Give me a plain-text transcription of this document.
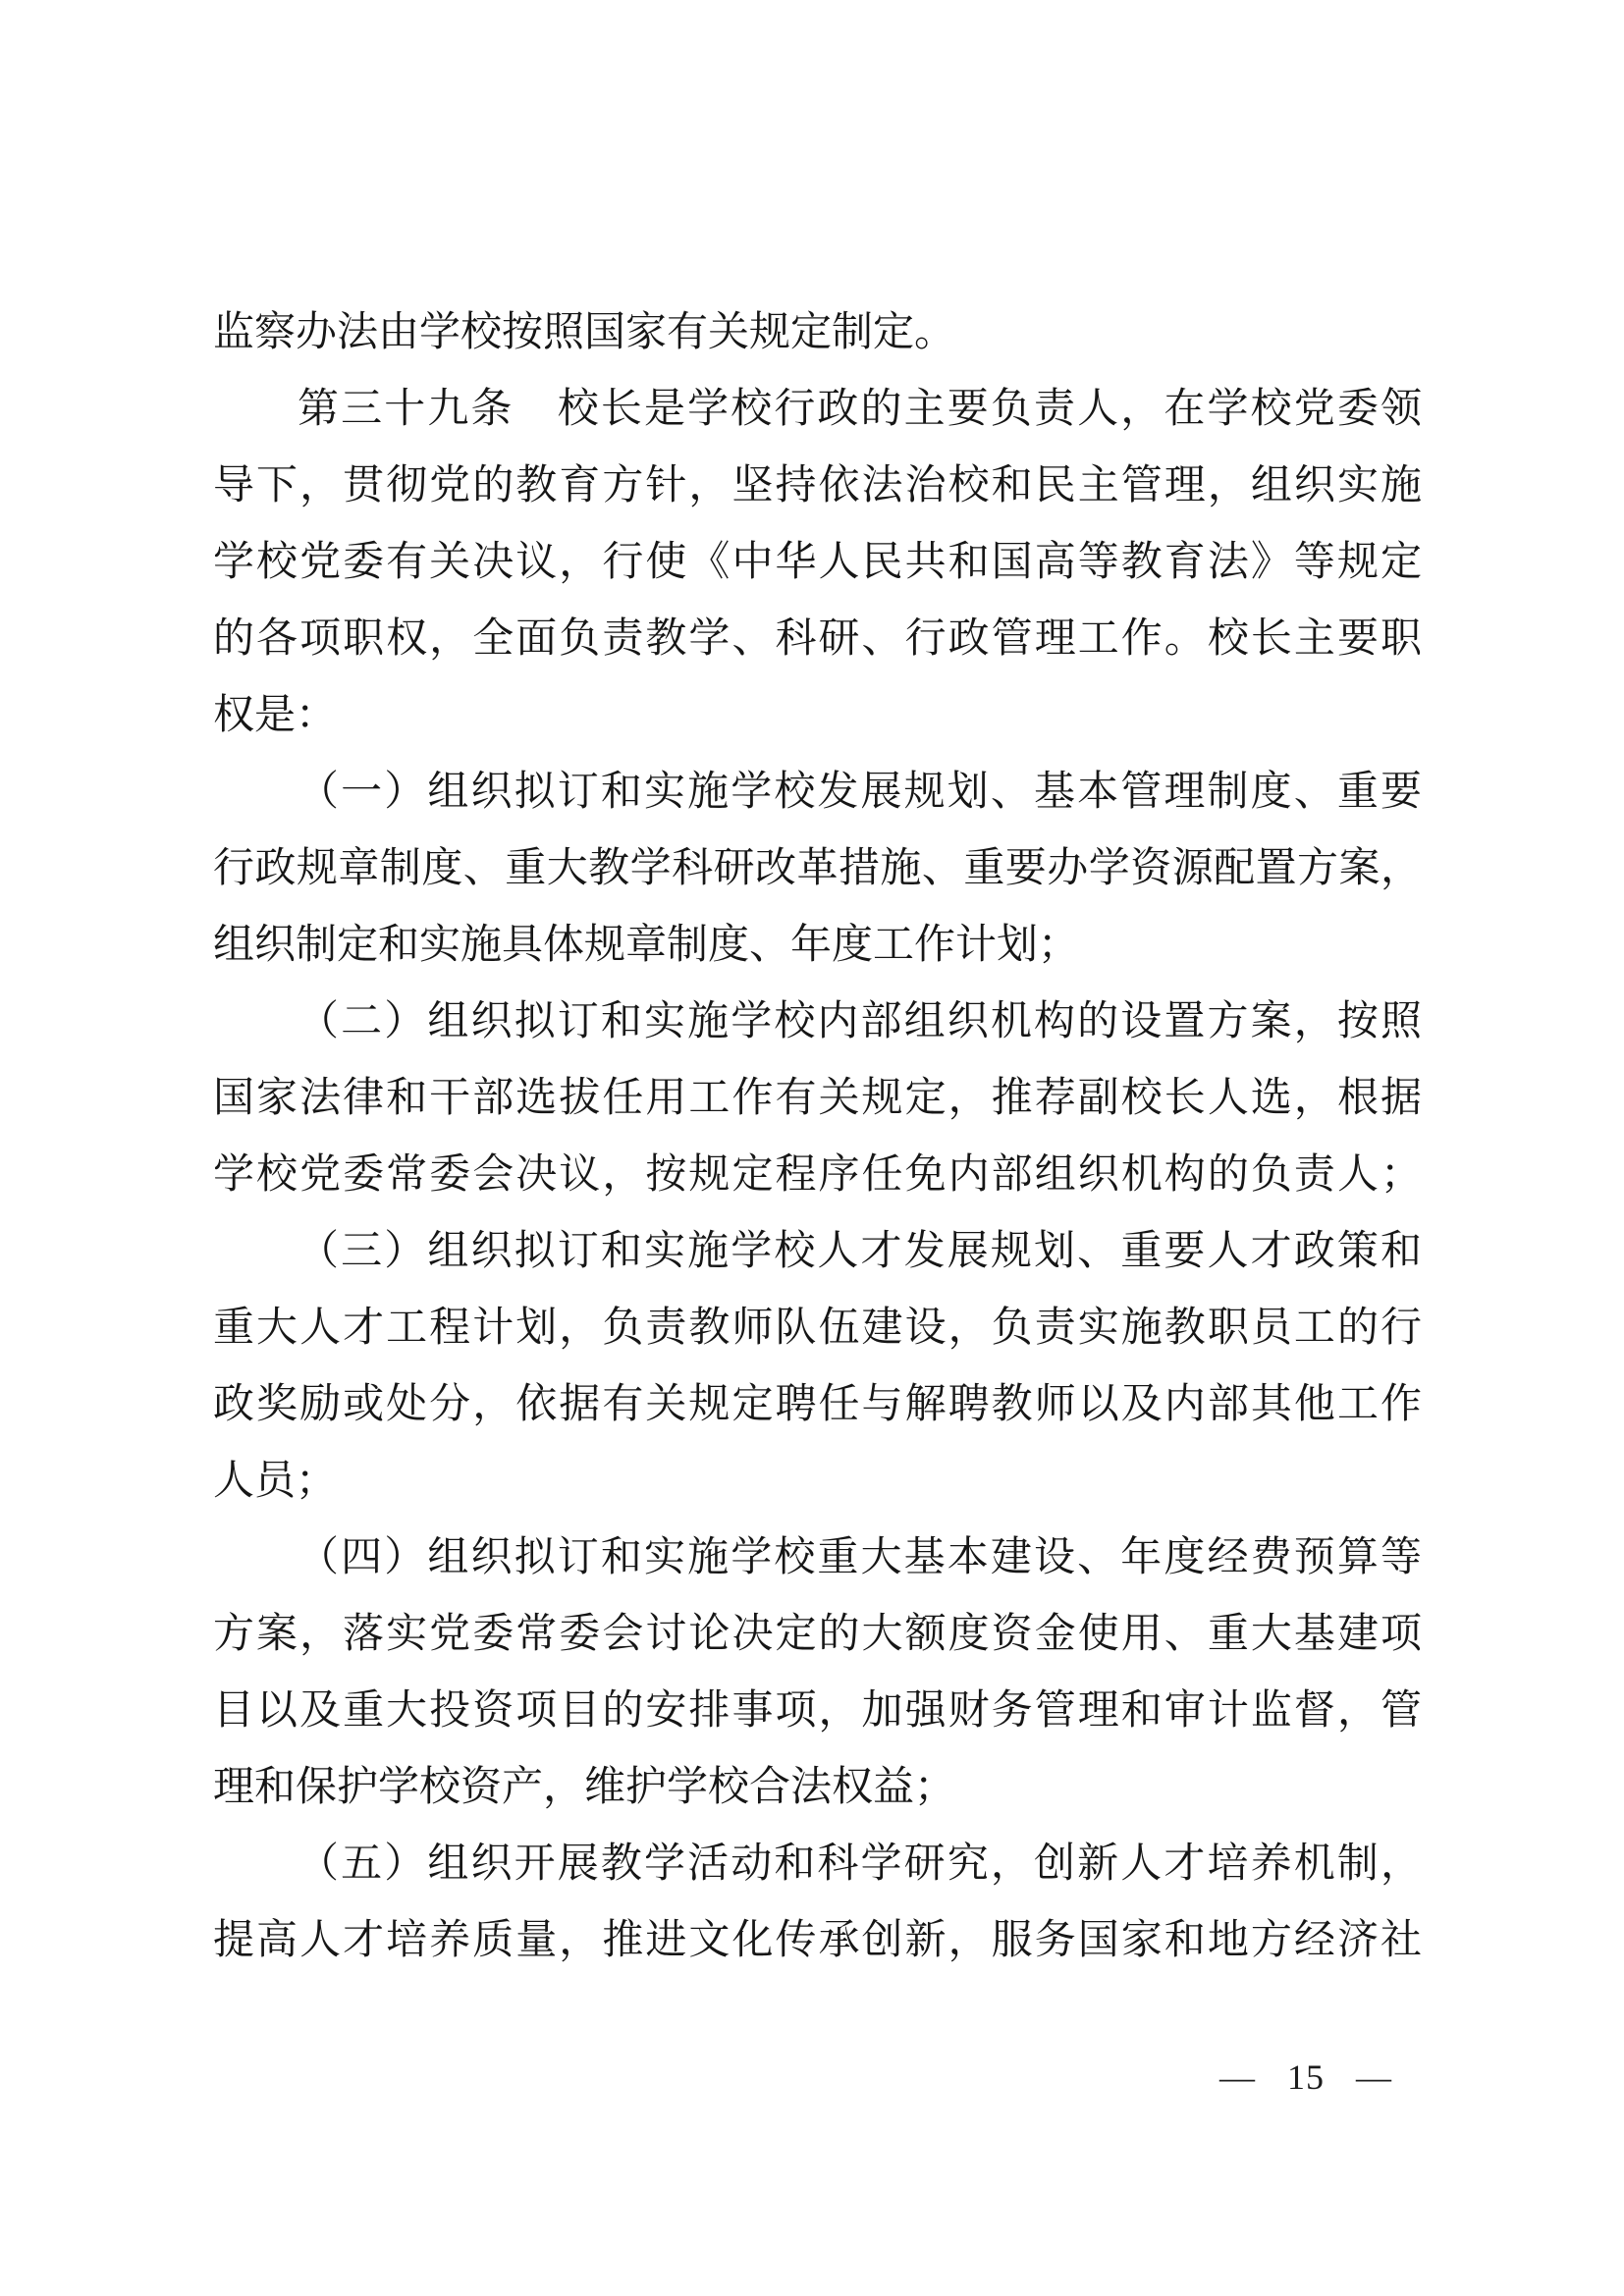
监察办法由学校按照国家有关规定制定。
第三十九条　校长是学校行政的主要负责人，在学校党委领
导下，贯彻党的教育方针，坚持依法治校和民主管理，组织实施
学校党委有关决议，行使《中华人民共和国高等教育法》等规定
的各项职权，全面负责教学、科研、行政管理工作。校长主要职
权是：
（一）组织拟订和实施学校发展规划、基本管理制度、重要
行政规章制度、重大教学科研改革措施、重要办学资源配置方案，
组织制定和实施具体规章制度、年度工作计划；
（二）组织拟订和实施学校内部组织机构的设置方案，按照
国家法律和干部选拔任用工作有关规定，推荐副校长人选，根据
学校党委常委会决议，按规定程序任免内部组织机构的负责人；
（三）组织拟订和实施学校人才发展规划、重要人才政策和
重大人才工程计划，负责教师队伍建设，负责实施教职员工的行
政奖励或处分，依据有关规定聘任与解聘教师以及内部其他工作
人员；
（四）组织拟订和实施学校重大基本建设、年度经费预算等
方案，落实党委常委会讨论决定的大额度资金使用、重大基建项
目以及重大投资项目的安排事项，加强财务管理和审计监督，管
理和保护学校资产，维护学校合法权益；
（五）组织开展教学活动和科学研究，创新人才培养机制，
提高人才培养质量，推进文化传承创新，服务国家和地方经济社
— 15 —
